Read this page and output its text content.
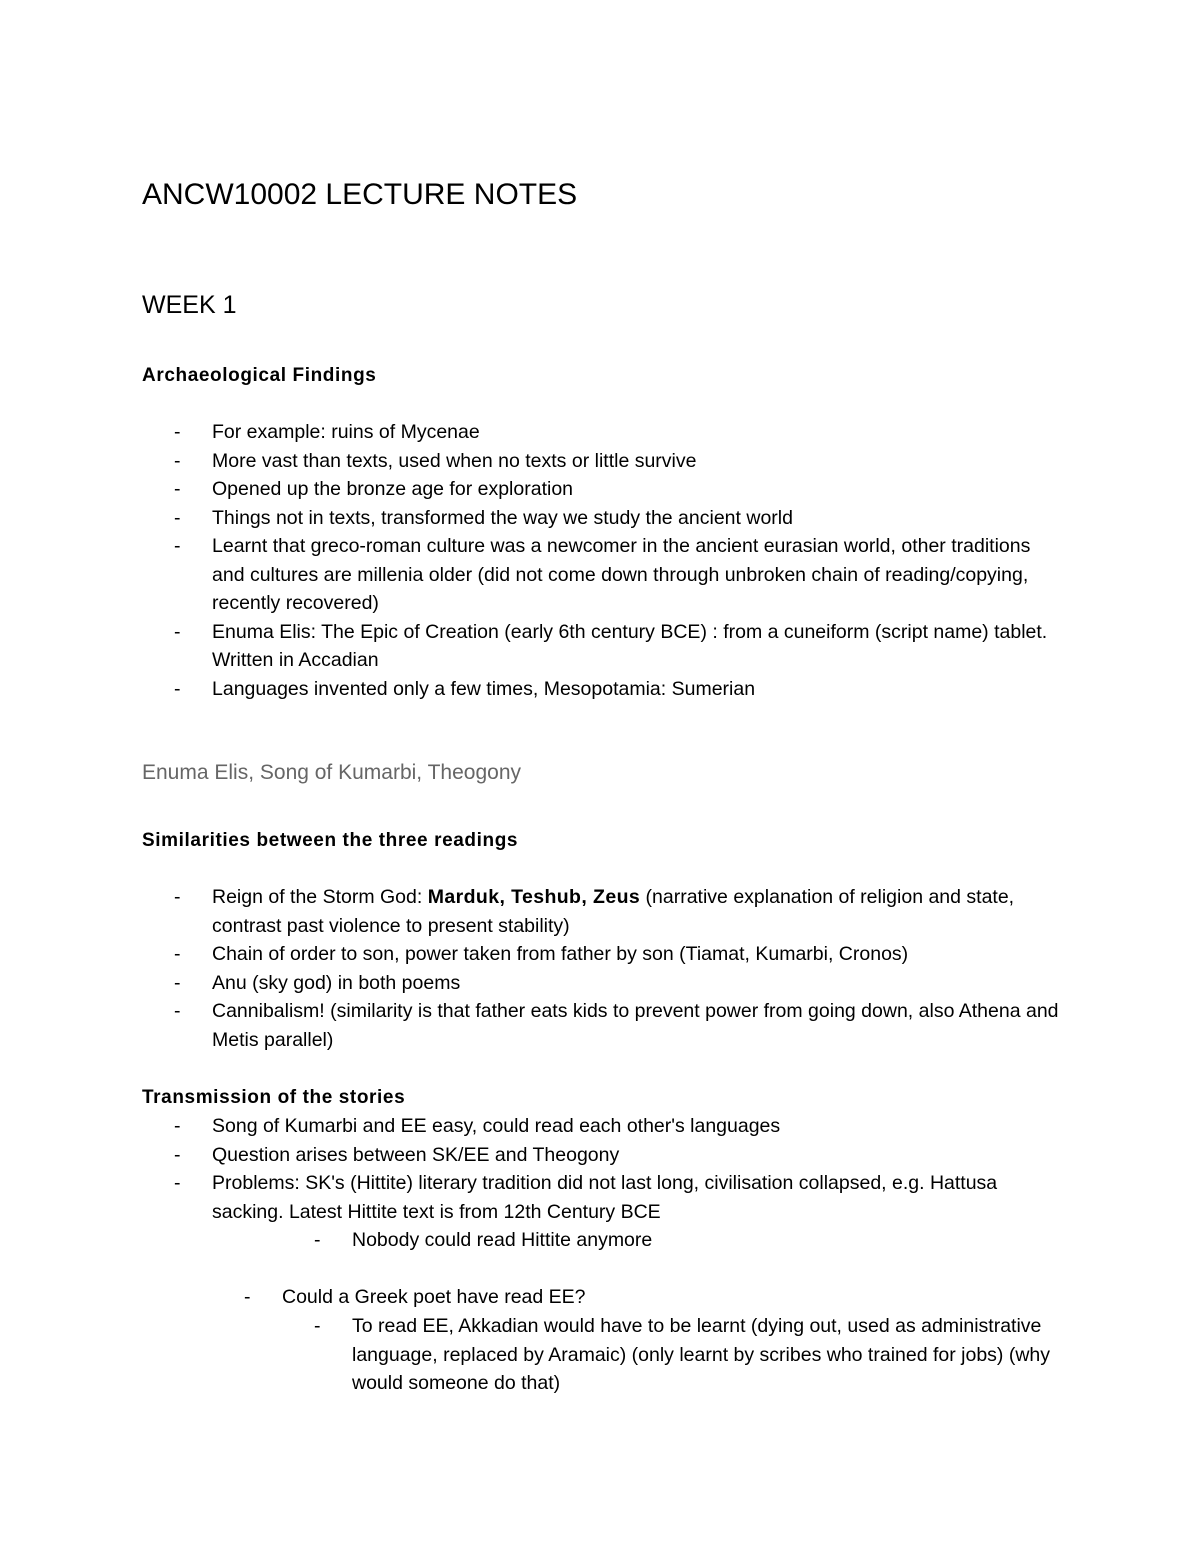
ANCW10002 LECTURE NOTES
WEEK 1
Archaeological Findings
- For example: ruins of Mycenae
- More vast than texts, used when no texts or little survive
- Opened up the bronze age for exploration
- Things not in texts, transformed the way we study the ancient world
- Learnt that greco-roman culture was a newcomer in the ancient eurasian world, other traditions and cultures are millenia older (did not come down through unbroken chain of reading/copying, recently recovered)
- Enuma Elis: The Epic of Creation (early 6th century BCE) : from a cuneiform (script name) tablet. Written in Accadian
- Languages invented only a few times, Mesopotamia: Sumerian
Enuma Elis, Song of Kumarbi, Theogony
Similarities between the three readings
- Reign of the Storm God: Marduk, Teshub, Zeus (narrative explanation of religion and state, contrast past violence to present stability)
- Chain of order to son, power taken from father by son (Tiamat, Kumarbi, Cronos)
- Anu (sky god) in both poems
- Cannibalism! (similarity is that father eats kids to prevent power from going down, also Athena and Metis parallel)
Transmission of the stories
- Song of Kumarbi and EE easy, could read each other's languages
- Question arises between SK/EE and Theogony
- Problems: SK's (Hittite) literary tradition did not last long, civilisation collapsed, e.g. Hattusa sacking. Latest Hittite text is from 12th Century BCE
- Nobody could read Hittite anymore
- Could a Greek poet have read EE?
- To read EE, Akkadian would have to be learnt (dying out, used as administrative language, replaced by Aramaic) (only learnt by scribes who trained for jobs) (why would someone do that)
